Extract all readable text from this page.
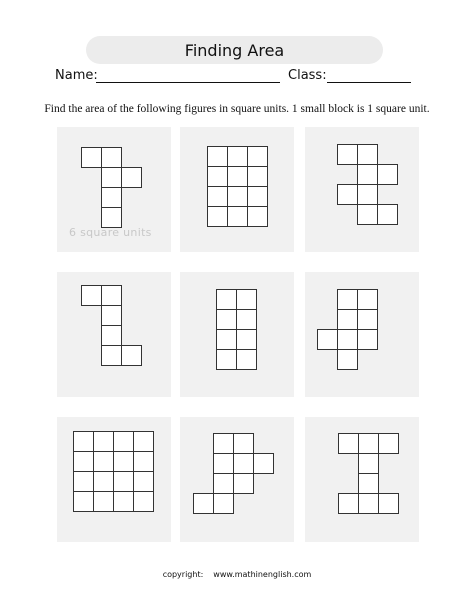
Finding Area
Name:	Class:
Find the area of the following figures in square units. 1 small block is 1 square unit.
6 square units
copyright: www.mathinenglish.com
